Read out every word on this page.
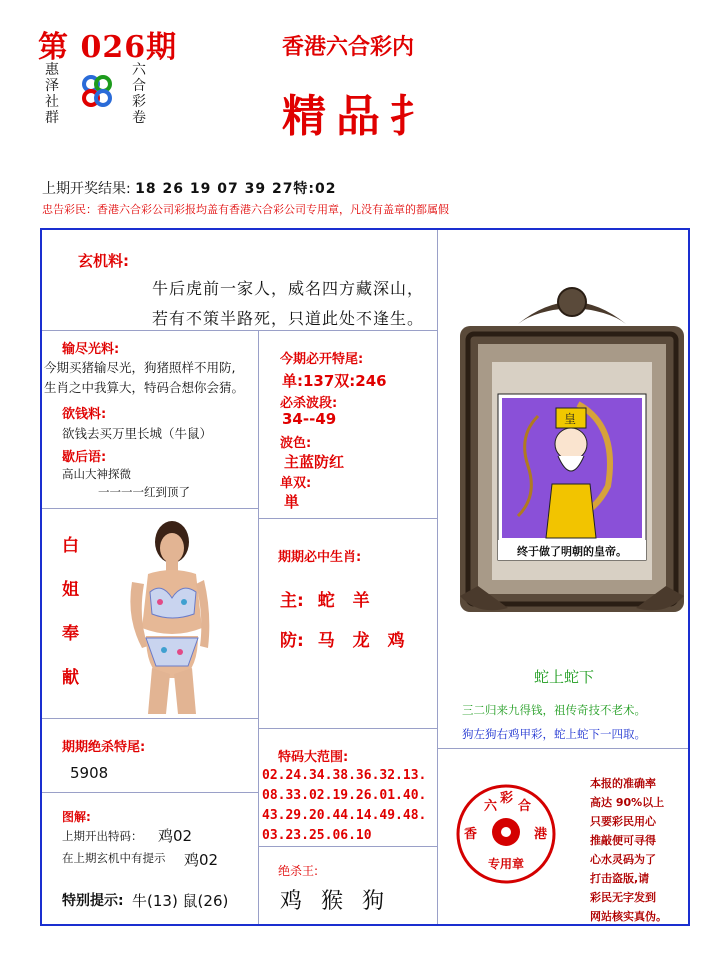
第 026期
惠泽社群
六合彩卷
香港六合彩内
精品扌
上期开奖结果: 18 26 19 07 39 27特:02
忠告彩民：香港六合彩公司彩报均盖有香港六合彩公司专用章，凡没有盖章的都属假
玄机料:
牛后虎前一家人，威名四方藏深山，
若有不策半路死，只道此处不逢生。
输尽光料:
今期买猪输尽光，狗猪照样不用防,
生肖之中我算大，特码合想你会猜。
欲钱料:
欲钱去买万里长城（牛鼠）
歇后语:
高山大神探微
一一一一红到顶了
白
姐
奉
献
期期绝杀特尾:
5908
图解:
上期开出特码： 鸡02
在上期玄机中有提示 鸡02
特别提示: 牛(13) 鼠(26)
今期必开特尾:
单:137双:246
必杀波段:
34--49
波色:
主蓝防红
单双:
単
期期必中生肖:
主: 蛇 羊
防: 马 龙 鸡
特码大范围:
02.24.34.38.36.32.13.
08.33.02.19.26.01.40.
43.29.20.44.14.49.48.
03.23.25.06.10
绝杀王:
鸡 猴 狗
皇
终于做了明朝的皇帝。
蛇上蛇下
三二归来九得钱，祖传奇技不老术。
狗左狗右鸡甲彩，蛇上蛇下一四取。
六
彩
合
香	港
专用章
本报的准确率
高达 90%以上
只要彩民用心
推敲便可寻得
心水灵码为了
打击盗版,请
彩民无字发到
网站核实真伪。
